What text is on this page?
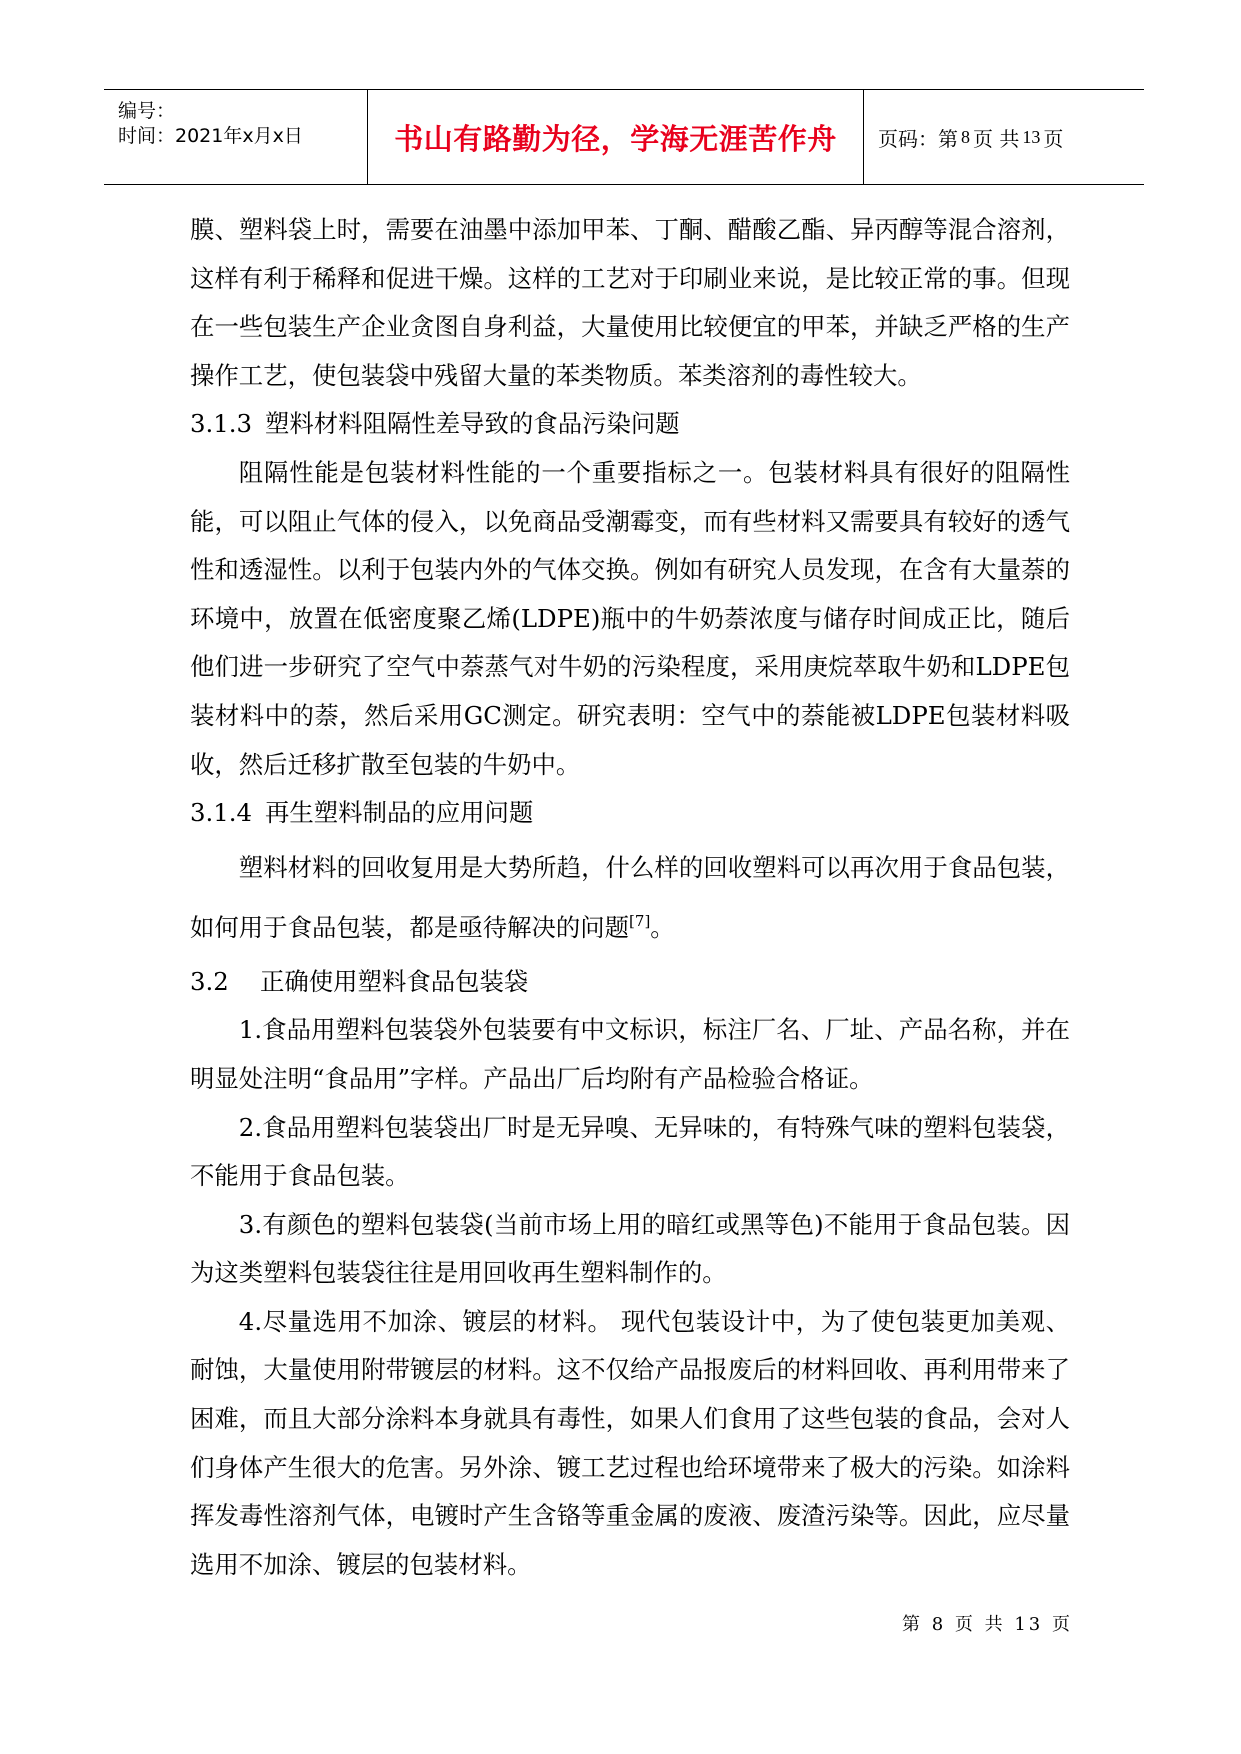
编号：
时间：2021年x月x日	书山有路勤为径，学海无涯苦作舟 页码：第 8 页 共 13 页

膜、塑料袋上时，需要在油墨中添加甲苯、丁酮、醋酸乙酯、异丙醇等混合溶剂，这样有利于稀释和促进干燥。这样的工艺对于印刷业来说，是比较正常的事。但现在一些包装生产企业贪图自身利益，大量使用比较便宜的甲苯，并缺乏严格的生产操作工艺，使包装袋中残留大量的苯类物质。苯类溶剂的毒性较大。

3.1.3 塑料材料阻隔性差导致的食品污染问题

阻隔性能是包装材料性能的一个重要指标之一。包装材料具有很好的阻隔性能，可以阻止气体的侵入，以免商品受潮霉变，而有些材料又需要具有较好的透气性和透湿性。以利于包装内外的气体交换。例如有研究人员发现，在含有大量萘的环境中，放置在低密度聚乙烯(LDPE)瓶中的牛奶萘浓度与储存时间成正比，随后他们进一步研究了空气中萘蒸气对牛奶的污染程度，采用庚烷萃取牛奶和LDPE包装材料中的萘，然后采用GC测定。研究表明：空气中的萘能被LDPE包装材料吸收，然后迁移扩散至包装的牛奶中。

3.1.4 再生塑料制品的应用问题

塑料材料的回收复用是大势所趋，什么样的回收塑料可以再次用于食品包装，如何用于食品包装，都是亟待解决的问题[7]。

3.2 正确使用塑料食品包装袋

1.食品用塑料包装袋外包装要有中文标识，标注厂名、厂址、产品名称，并在明显处注明“食品用”字样。产品出厂后均附有产品检验合格证。

2.食品用塑料包装袋出厂时是无异嗅、无异味的，有特殊气味的塑料包装袋，不能用于食品包装。

3.有颜色的塑料包装袋(当前市场上用的暗红或黑等色)不能用于食品包装。因为这类塑料包装袋往往是用回收再生塑料制作的。

4.尽量选用不加涂、镀层的材料。 现代包装设计中，为了使包装更加美观、耐蚀，大量使用附带镀层的材料。这不仅给产品报废后的材料回收、再利用带来了困难，而且大部分涂料本身就具有毒性，如果人们食用了这些包装的食品，会对人们身体产生很大的危害。另外涂、镀工艺过程也给环境带来了极大的污染。如涂料挥发毒性溶剂气体，电镀时产生含铬等重金属的废液、废渣污染等。因此，应尽量选用不加涂、镀层的包装材料。

第 8 页 共 13 页
